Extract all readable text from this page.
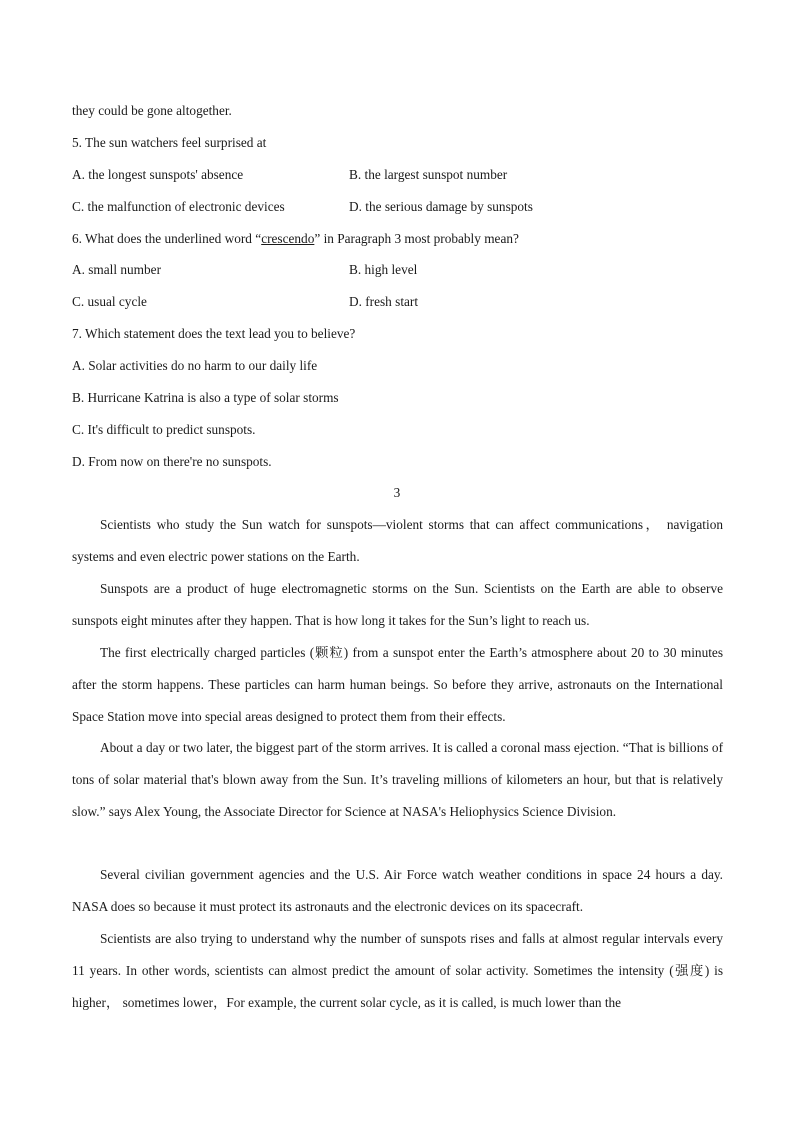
they could be gone altogether.
5. The sun watchers feel surprised at
A. the longest sunspots' absence	B. the largest sunspot number
C. the malfunction of electronic devices	D. the serious damage by sunspots
6. What does the underlined word “crescendo” in Paragraph 3 most probably mean?
A. small number	B. high level
C. usual cycle	D. fresh start
7. Which statement does the text lead you to believe?
A. Solar activities do no harm to our daily life
B. Hurricane Katrina is also a type of solar storms
C. It's difficult to predict sunspots.
D. From now on there're no sunspots.
3
Scientists who study the Sun watch for sunspots—violent storms that can affect communications， navigation systems and even electric power stations on the Earth.
Sunspots are a product of huge electromagnetic storms on the Sun. Scientists on the Earth are able to observe sunspots eight minutes after they happen. That is how long it takes for the Sun’s light to reach us.
The first electrically charged particles (颗粒) from a sunspot enter the Earth’s atmosphere about 20 to 30 minutes after the storm happens. These particles can harm human beings. So before they arrive, astronauts on the International Space Station move into special areas designed to protect them from their effects.
About a day or two later, the biggest part of the storm arrives. It is called a coronal mass ejection. “That is billions of tons of solar material that's blown away from the Sun. It’s traveling millions of kilometers an hour, but that is relatively slow.” says Alex Young, the Associate Director for Science at NASA's Heliophysics Science Division.
Several civilian government agencies and the U.S. Air Force watch weather conditions in space 24 hours a day. NASA does so because it must protect its astronauts and the electronic devices on its spacecraft.
Scientists are also trying to understand why the number of sunspots rises and falls at almost regular intervals every 11 years. In other words, scientists can almost predict the amount of solar activity. Sometimes the intensity (强度) is higher， sometimes lower，For example, the current solar cycle, as it is called, is much lower than the
